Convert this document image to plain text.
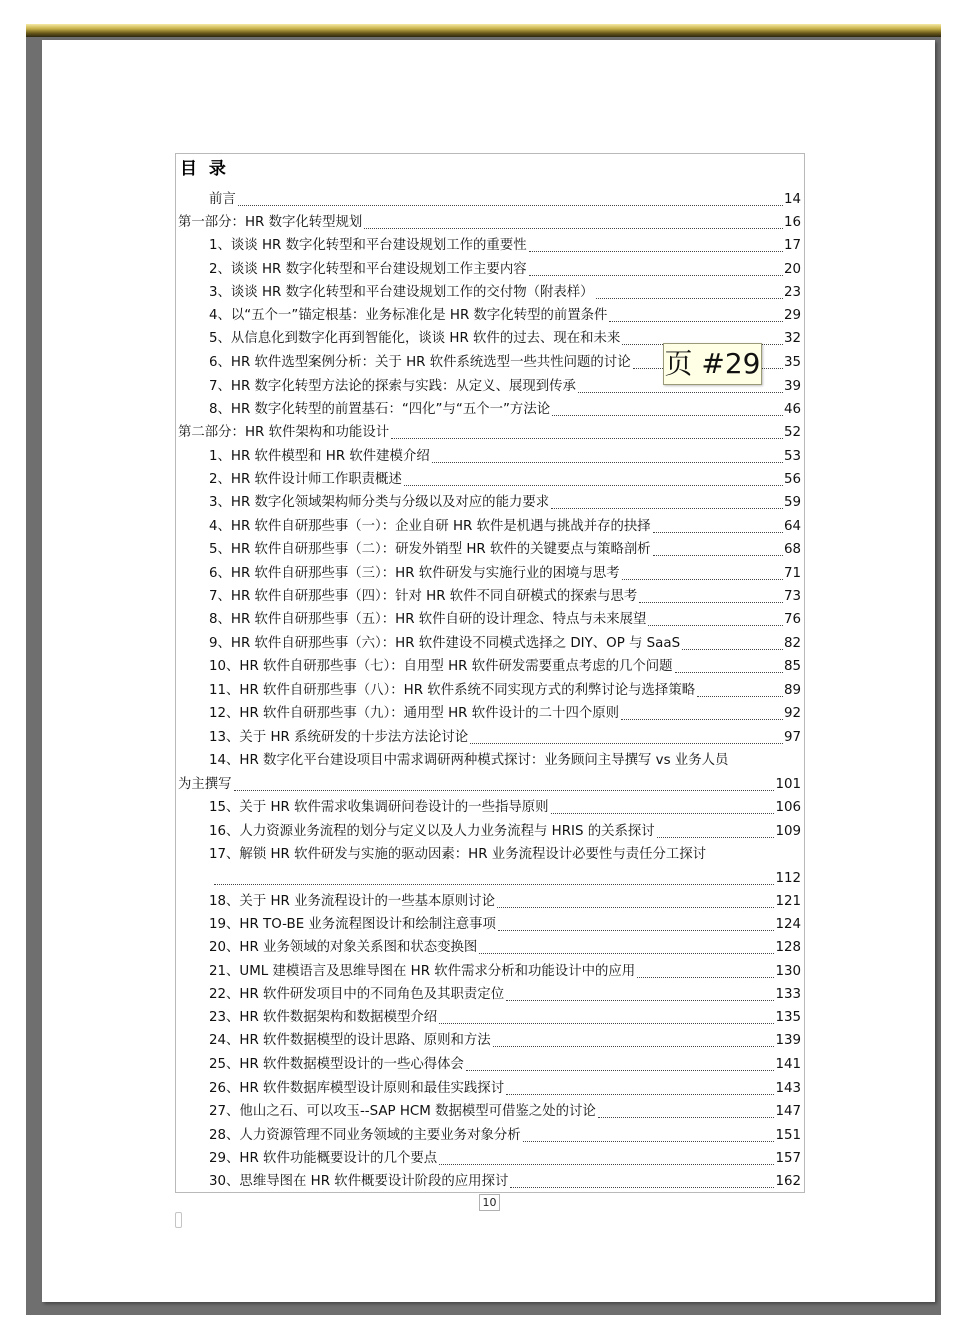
目 录
前言	14
第一部分：HR 数字化转型规划	16
1、谈谈 HR 数字化转型和平台建设规划工作的重要性	17
2、谈谈 HR 数字化转型和平台建设规划工作主要内容	20
3、谈谈 HR 数字化转型和平台建设规划工作的交付物（附表样）	23
4、以“五个一”锚定根基：业务标准化是 HR 数字化转型的前置条件	29
5、从信息化到数字化再到智能化，谈谈 HR 软件的过去、现在和未来	32
6、HR 软件选型案例分析：关于 HR 软件系统选型一些共性问题的讨论	35
7、HR 数字化转型方法论的探索与实践：从定义、展现到传承	39
8、HR 数字化转型的前置基石：“四化”与“五个一”方法论	46
第二部分：HR 软件架构和功能设计	52
1、HR 软件模型和 HR 软件建模介绍	53
2、HR 软件设计师工作职责概述	56
3、HR 数字化领域架构师分类与分级以及对应的能力要求	59
4、HR 软件自研那些事（一）：企业自研 HR 软件是机遇与挑战并存的抉择	64
5、HR 软件自研那些事（二）：研发外销型 HR 软件的关键要点与策略剖析	68
6、HR 软件自研那些事（三）：HR 软件研发与实施行业的困境与思考	71
7、HR 软件自研那些事（四）：针对 HR 软件不同自研模式的探索与思考	73
8、HR 软件自研那些事（五）：HR 软件自研的设计理念、特点与未来展望	76
9、HR 软件自研那些事（六）：HR 软件建设不同模式选择之 DIY、OP 与 SaaS	82
10、HR 软件自研那些事（七）：自用型 HR 软件研发需要重点考虑的几个问题	85
11、HR 软件自研那些事（八）：HR 软件系统不同实现方式的利弊讨论与选择策略	89
12、HR 软件自研那些事（九）：通用型 HR 软件设计的二十四个原则	92
13、关于 HR 系统研发的十步法方法论讨论	97
14、HR 数字化平台建设项目中需求调研两种模式探讨：业务顾问主导撰写 vs 业务人员
为主撰写	101
15、关于 HR 软件需求收集调研问卷设计的一些指导原则	106
16、人力资源业务流程的划分与定义以及人力业务流程与 HRIS 的关系探讨	109
17、解锁 HR 软件研发与实施的驱动因素：HR 业务流程设计必要性与责任分工探讨
112
18、关于 HR 业务流程设计的一些基本原则讨论	121
19、HR TO-BE 业务流程图设计和绘制注意事项	124
20、HR 业务领域的对象关系图和状态变换图	128
21、UML 建模语言及思维导图在 HR 软件需求分析和功能设计中的应用	130
22、HR 软件研发项目中的不同角色及其职责定位	133
23、HR 软件数据架构和数据模型介绍	135
24、HR 软件数据模型的设计思路、原则和方法	139
25、HR 软件数据模型设计的一些心得体会	141
26、HR 软件数据库模型设计原则和最佳实践探讨	143
27、他山之石、可以攻玉--SAP HCM 数据模型可借鉴之处的讨论	147
28、人力资源管理不同业务领域的主要业务对象分析	151
29、HR 软件功能概要设计的几个要点	157
30、思维导图在 HR 软件概要设计阶段的应用探讨	162
页 #29
10
